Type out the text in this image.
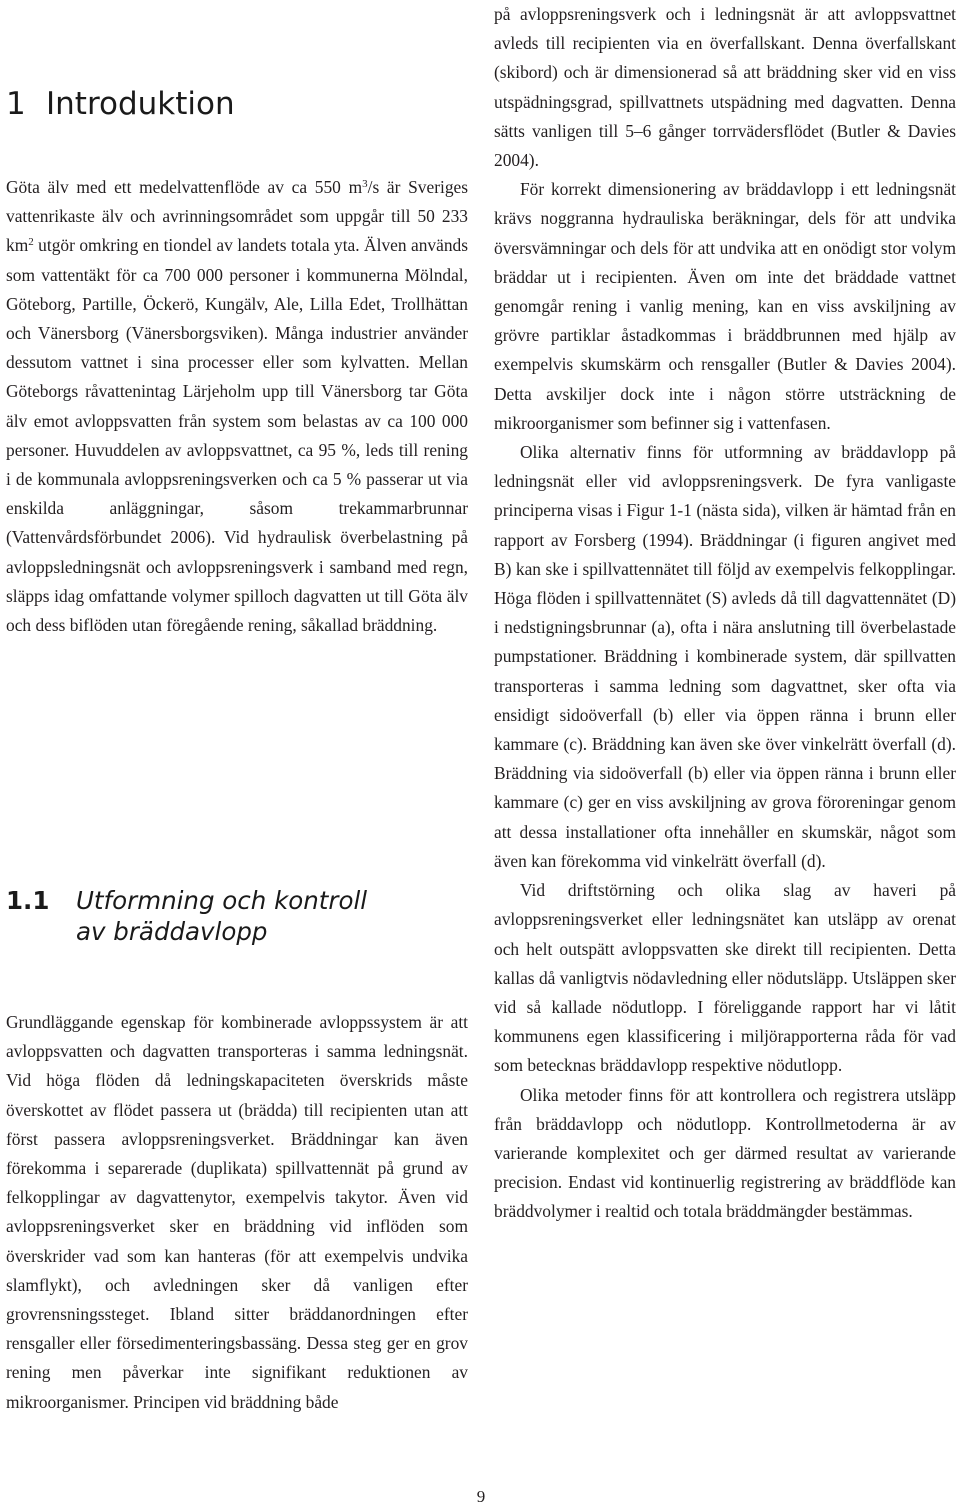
1 Introduktion
Göta älv med ett medelvattenflöde av ca 550 $m^3/s$ är Sveriges vattenrikaste älv och avrinningsområdet som uppgår till 50 233 $km^2$ utgör omkring en tiondel av landets totala yta. Älven används som vattentäkt för ca 700 000 personer i kommunerna Mölndal, Göteborg, Partille, Öckerö, Kungälv, Ale, Lilla Edet, Trollhättan och Vänersborg (Vänersborgsviken). Många industrier använder dessutom vattnet i sina processer eller som kylvatten. Mellan Göteborgs råvattenintag Lärjeholm upp till Vänersborg tar Göta älv emot avloppsvatten från system som belastas av ca 100 000 personer. Huvuddelen av avloppsvattnet, ca 95 %, leds till rening i de kommunala avloppsreningsverken och ca 5 % passerar ut via enskilda anläggningar, såsom trekammarbrunnar (Vattenvårdsförbundet 2006). Vid hydraulisk överbelastning på avloppsledningsnät och avloppsreningsverk i samband med regn, släpps idag omfattande volymer spilloch dagvatten ut till Göta älv och dess biflöden utan föregående rening, såkallad bräddning.
1.1 Utformning och kontroll
av bräddavlopp
Grundläggande egenskap för kombinerade avloppssystem är att avloppsvatten och dagvatten transporteras i samma ledningsnät. Vid höga flöden då ledningskapaciteten överskrids måste överskottet av flödet passera ut (brädda) till recipienten utan att först passera avloppsreningsverket. Bräddningar kan även förekomma i separerade (duplikata) spillvattennät på grund av felkopplingar av dagvattenytor, exempelvis takytor. Även vid avloppsreningsverket sker en bräddning vid inflöden som överskrider vad som kan hanteras (för att exempelvis undvika slamflykt), och avledningen sker då vanligen efter grovrensningssteget. Ibland sitter bräddanordningen efter rensgaller eller försedimenteringsbassäng. Dessa steg ger en grov rening men påverkar inte signifikant reduktionen av mikroorganismer. Principen vid bräddning både

på avloppsreningsverk och i ledningsnät är att avloppsvattnet avleds till recipienten via en överfallskant. Denna överfallskant (skibord) och är dimensionerad så att bräddning sker vid en viss utspädningsgrad, spillvattnets utspädning med dagvatten. Denna sätts vanligen till 5–6 gånger torrvädersflödet (Butler & Davies 2004).

För korrekt dimensionering av bräddavlopp i ett ledningsnät krävs noggranna hydrauliska beräkningar, dels för att undvika översvämningar och dels för att undvika att en onödigt stor volym bräddar ut i recipienten. Även om inte det bräddade vattnet genomgår rening i vanlig mening, kan en viss avskiljning av grövre partiklar åstadkommas i bräddbrunnen med hjälp av exempelvis skumskärm och rensgaller (Butler & Davies 2004). Detta avskiljer dock inte i någon större utsträckning de mikroorganismer som befinner sig i vattenfasen.

Olika alternativ finns för utformning av bräddavlopp på ledningsnät eller vid avloppsreningsverk. De fyra vanligaste principerna visas i Figur 1-1 (nästa sida), vilken är hämtad från en rapport av Forsberg (1994). Bräddningar (i figuren angivet med B) kan ske i spillvattennätet till följd av exempelvis felkopplingar. Höga flöden i spillvattennätet (S) avleds då till dagvattennätet (D) i nedstigningsbrunnar (a), ofta i nära anslutning till överbelastade pumpstationer. Bräddning i kombinerade system, där spillvatten transporteras i samma ledning som dagvattnet, sker ofta via ensidigt sidoöverfall (b) eller via öppen ränna i brunn eller kammare (c). Bräddning kan även ske över vinkelrätt överfall (d). Bräddning via sidoöverfall (b) eller via öppen ränna i brunn eller kammare (c) ger en viss avskiljning av grova föroreningar genom att dessa installationer ofta innehåller en skumskär, något som även kan förekomma vid vinkelrätt överfall (d).

Vid driftstörning och olika slag av haveri på avloppsreningsverket eller ledningsnätet kan utsläpp av orenat och helt outspätt avloppsvatten ske direkt till recipienten. Detta kallas då vanligtvis nödavledning eller nödutsläpp. Utsläppen sker vid så kallade nödutlopp. I föreliggande rapport har vi låtit kommunens egen klassificering i miljörapporterna råda för vad som betecknas bräddavlopp respektive nödutlopp.

Olika metoder finns för att kontrollera och registrera utsläpp från bräddavlopp och nödutlopp. Kontrollmetoderna är av varierande komplexitet och ger därmed resultat av varierande precision. Endast vid kontinuerlig registrering av bräddflöde kan bräddvolymer i realtid och totala bräddmängder bestämmas.

9
